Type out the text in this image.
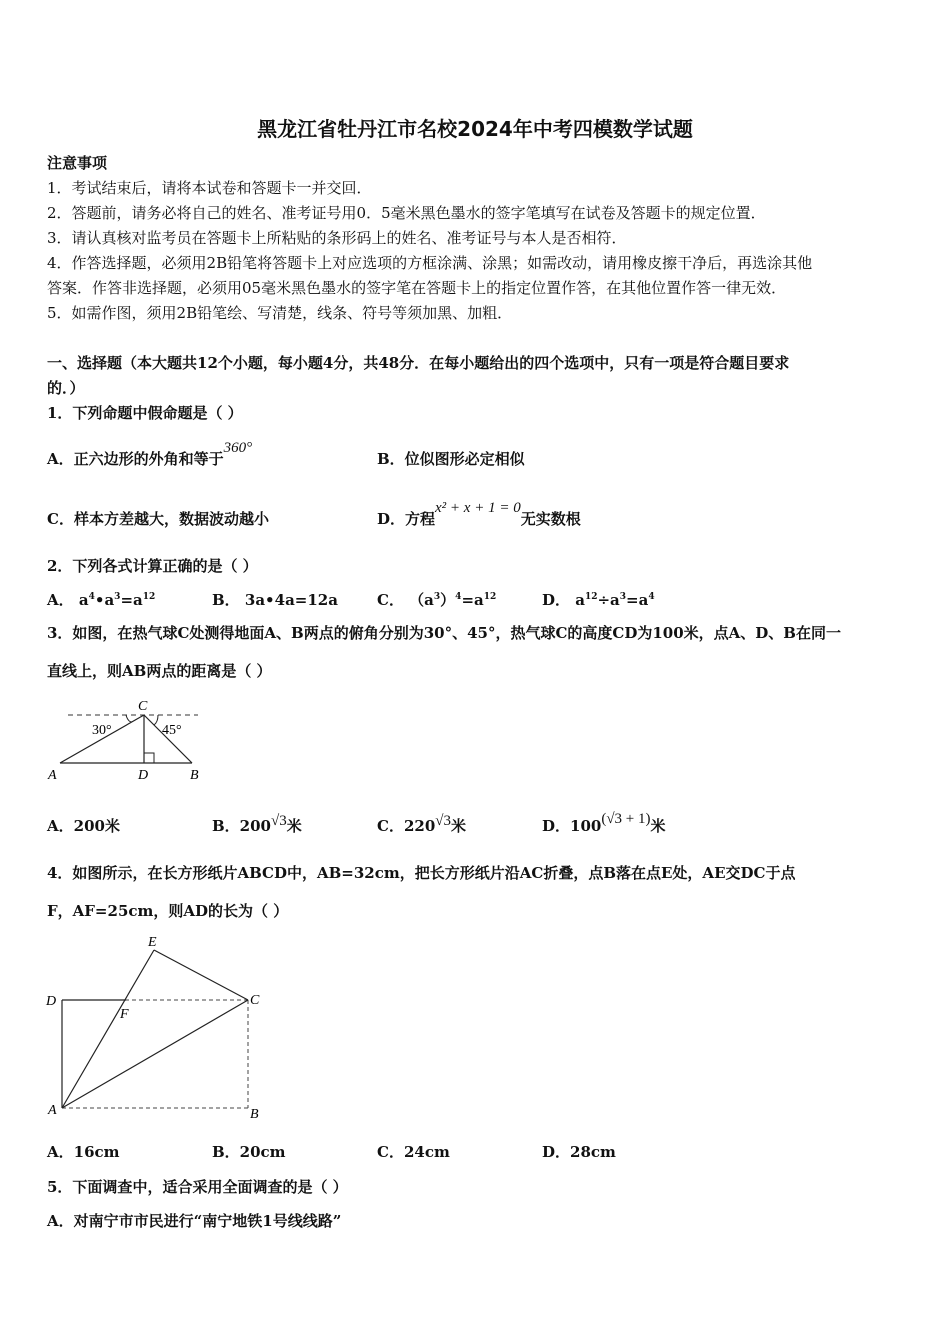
黑龙江省牡丹江市名校2024年中考四模数学试题
注意事项
1．考试结束后，请将本试卷和答题卡一并交回．
2．答题前，请务必将自己的姓名、准考证号用0．5毫米黑色墨水的签字笔填写在试卷及答题卡的规定位置．
3．请认真核对监考员在答题卡上所粘贴的条形码上的姓名、准考证号与本人是否相符．
4．作答选择题，必须用2B铅笔将答题卡上对应选项的方框涂满、涂黑；如需改动，请用橡皮擦干净后，再选涂其他
答案．作答非选择题，必须用05毫米黑色墨水的签字笔在答题卡上的指定位置作答，在其他位置作答一律无效．
5．如需作图，须用2B铅笔绘、写清楚，线条、符号等须加黑、加粗．
一、选择题（本大题共12个小题，每小题4分，共48分．在每小题给出的四个选项中，只有一项是符合题目要求
的．）
1．下列命题中假命题是（ ）
A．正六边形的外角和等于360°
B．位似图形必定相似
C．样本方差越大，数据波动越小	D．方程x² + x + 1 = 0无实数根
2．下列各式计算正确的是（ ）
A． $a^4•a^3=a^{12}$	B． 3a•4a=12a	C． $(a^3)^4=a^{12}$	D． $a^{12}\div a^3=a^4$
3．如图，在热气球C处测得地面A、B两点的俯角分别为30°、45°，热气球C的高度CD为100米，点A、D、B在同一
直线上，则AB两点的距离是（ ）
C
A	D	B
30°	45°
A．200米	B．200√3米	C．220√3米	D．100(√3 + 1)米
4．如图所示，在长方形纸片ABCD中，AB=32cm，把长方形纸片沿AC折叠，点B落在点E处，AE交DC于点
F，AF=25cm，则AD的长为（ ）
E
D	C
F
A	B
A．16cm	B．20cm	C．24cm	D．28cm
5．下面调查中，适合采用全面调查的是（ ）
A．对南宁市市民进行“南宁地铁1号线线路”
